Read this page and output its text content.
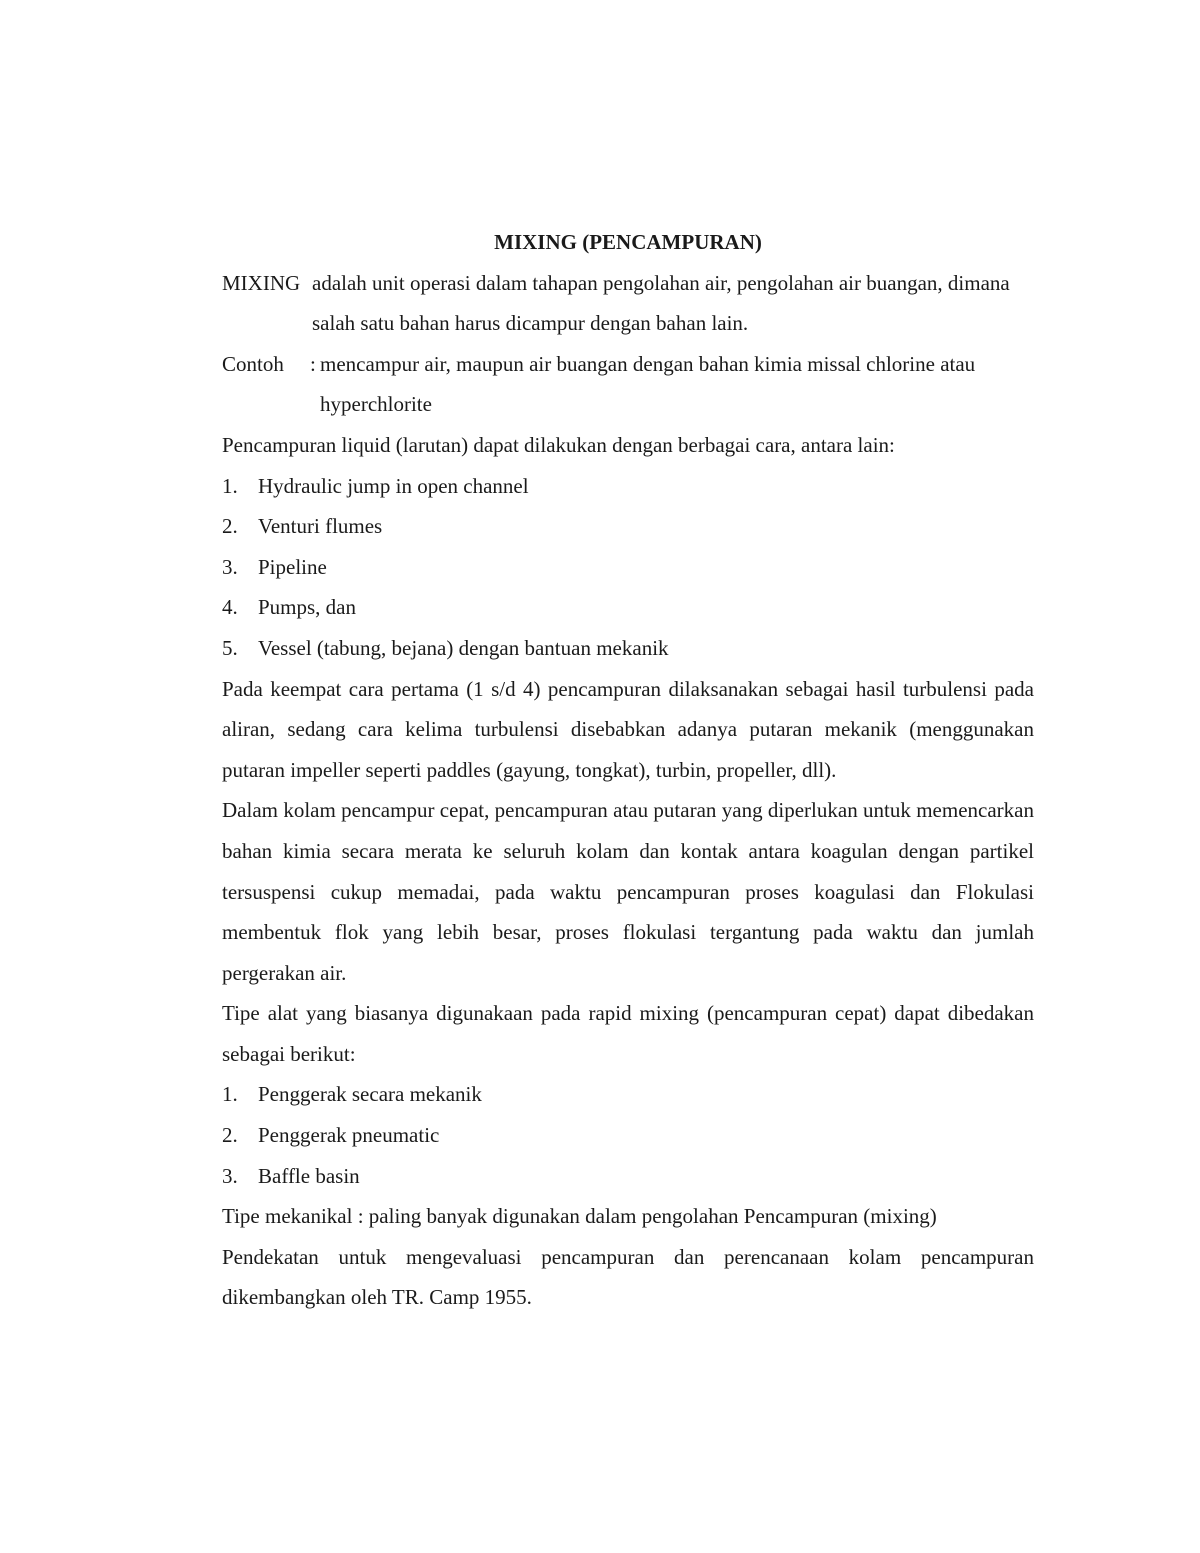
MIXING (PENCAMPURAN)

MIXING adalah unit operasi dalam tahapan pengolahan air, pengolahan air buangan, dimana salah satu bahan harus dicampur dengan bahan lain.
Contoh	: mencampur air, maupun air buangan dengan bahan kimia missal chlorine atau hyperchlorite

Pencampuran liquid (larutan) dapat dilakukan dengan berbagai cara, antara lain:

1. Hydraulic jump in open channel
2. Venturi flumes
3. Pipeline
4. Pumps, dan
5. Vessel (tabung, bejana) dengan bantuan mekanik

Pada keempat cara pertama (1 s/d 4) pencampuran dilaksanakan sebagai hasil turbulensi pada aliran, sedang cara kelima turbulensi disebabkan adanya putaran mekanik (menggunakan putaran impeller seperti paddles (gayung, tongkat), turbin, propeller, dll).

Dalam kolam pencampur cepat, pencampuran atau putaran yang diperlukan untuk memencarkan bahan kimia secara merata ke seluruh kolam dan kontak antara koagulan dengan partikel tersuspensi cukup memadai, pada waktu pencampuran proses koagulasi dan Flokulasi membentuk flok yang lebih besar, proses flokulasi tergantung pada waktu dan jumlah pergerakan air.

Tipe alat yang biasanya digunakaan pada rapid mixing (pencampuran cepat) dapat dibedakan sebagai berikut:

1. Penggerak secara mekanik
2. Penggerak pneumatic
3. Baffle basin

Tipe mekanikal : paling banyak digunakan dalam pengolahan Pencampuran (mixing)

Pendekatan untuk mengevaluasi pencampuran dan perencanaan kolam pencampuran dikembangkan oleh TR. Camp 1955.
